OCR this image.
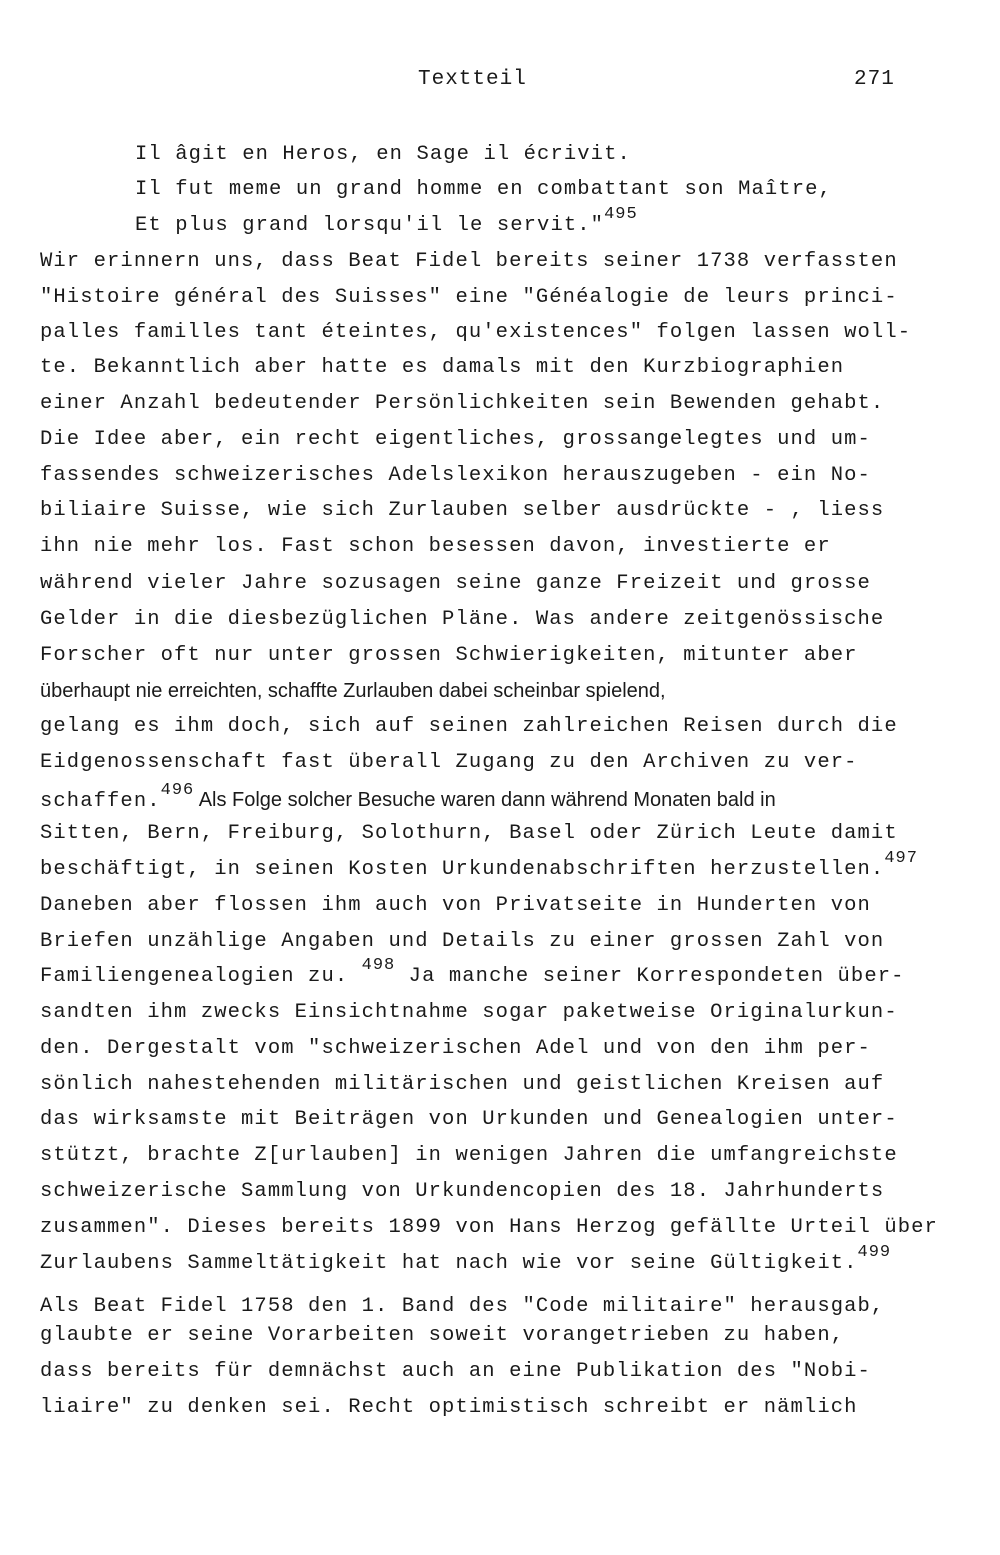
Textteil	271
Il âgit en Heros, en Sage il écrivit.
Il fut meme un grand homme en combattant son Maître,
Et plus grand lorsqu'il le servit."$^{495}$
Wir erinnern uns, dass Beat Fidel bereits seiner 1738 verfassten
"Histoire général des Suisses" eine "Généalogie de leurs princi-
palles familles tant éteintes, qu'existences" folgen lassen woll-
te. Bekanntlich aber hatte es damals mit den Kurzbiographien
einer Anzahl bedeutender Persönlichkeiten sein Bewenden gehabt.
Die Idee aber, ein recht eigentliches, grossangelegtes und um-
fassendes schweizerisches Adelslexikon herauszugeben - ein No-
biliaire Suisse, wie sich Zurlauben selber ausdrückte - , liess
ihn nie mehr los. Fast schon besessen davon, investierte er
während vieler Jahre sozusagen seine ganze Freizeit und grosse
Gelder in die diesbezüglichen Pläne. Was andere zeitgenössische
Forscher oft nur unter grossen Schwierigkeiten, mitunter aber
überhaupt nie erreichten, schaffte Zurlauben dabei scheinbar spielend,
gelang es ihm doch, sich auf seinen zahlreichen Reisen durch die
Eidgenossenschaft fast überall Zugang zu den Archiven zu ver-
schaffen.$^{496}$ Als Folge solcher Besuche waren dann während Monaten bald in
Sitten, Bern, Freiburg, Solothurn, Basel oder Zürich Leute damit
beschäftigt, in seinen Kosten Urkundenabschriften herzustellen.$^{497}$
Daneben aber flossen ihm auch von Privatseite in Hunderten von
Briefen unzählige Angaben und Details zu einer grossen Zahl von
Familiengenealogien zu. $^{498}$ Ja manche seiner Korrespondeten über-
sandten ihm zwecks Einsichtnahme sogar paketweise Originalurkun-
den. Dergestalt vom "schweizerischen Adel und von den ihm per-
sönlich nahestehenden militärischen und geistlichen Kreisen auf
das wirksamste mit Beiträgen von Urkunden und Genealogien unter-
stützt, brachte Z[urlauben] in wenigen Jahren die umfangreichste
schweizerische Sammlung von Urkundencopien des 18. Jahrhunderts
zusammen". Dieses bereits 1899 von Hans Herzog gefällte Urteil über
Zurlaubens Sammeltätigkeit hat nach wie vor seine Gültigkeit.$^{499}$
Als Beat Fidel 1758 den 1. Band des "Code militaire" herausgab,
glaubte er seine Vorarbeiten soweit vorangetrieben zu haben,
dass bereits für demnächst auch an eine Publikation des "Nobi-
liaire" zu denken sei. Recht optimistisch schreibt er nämlich
